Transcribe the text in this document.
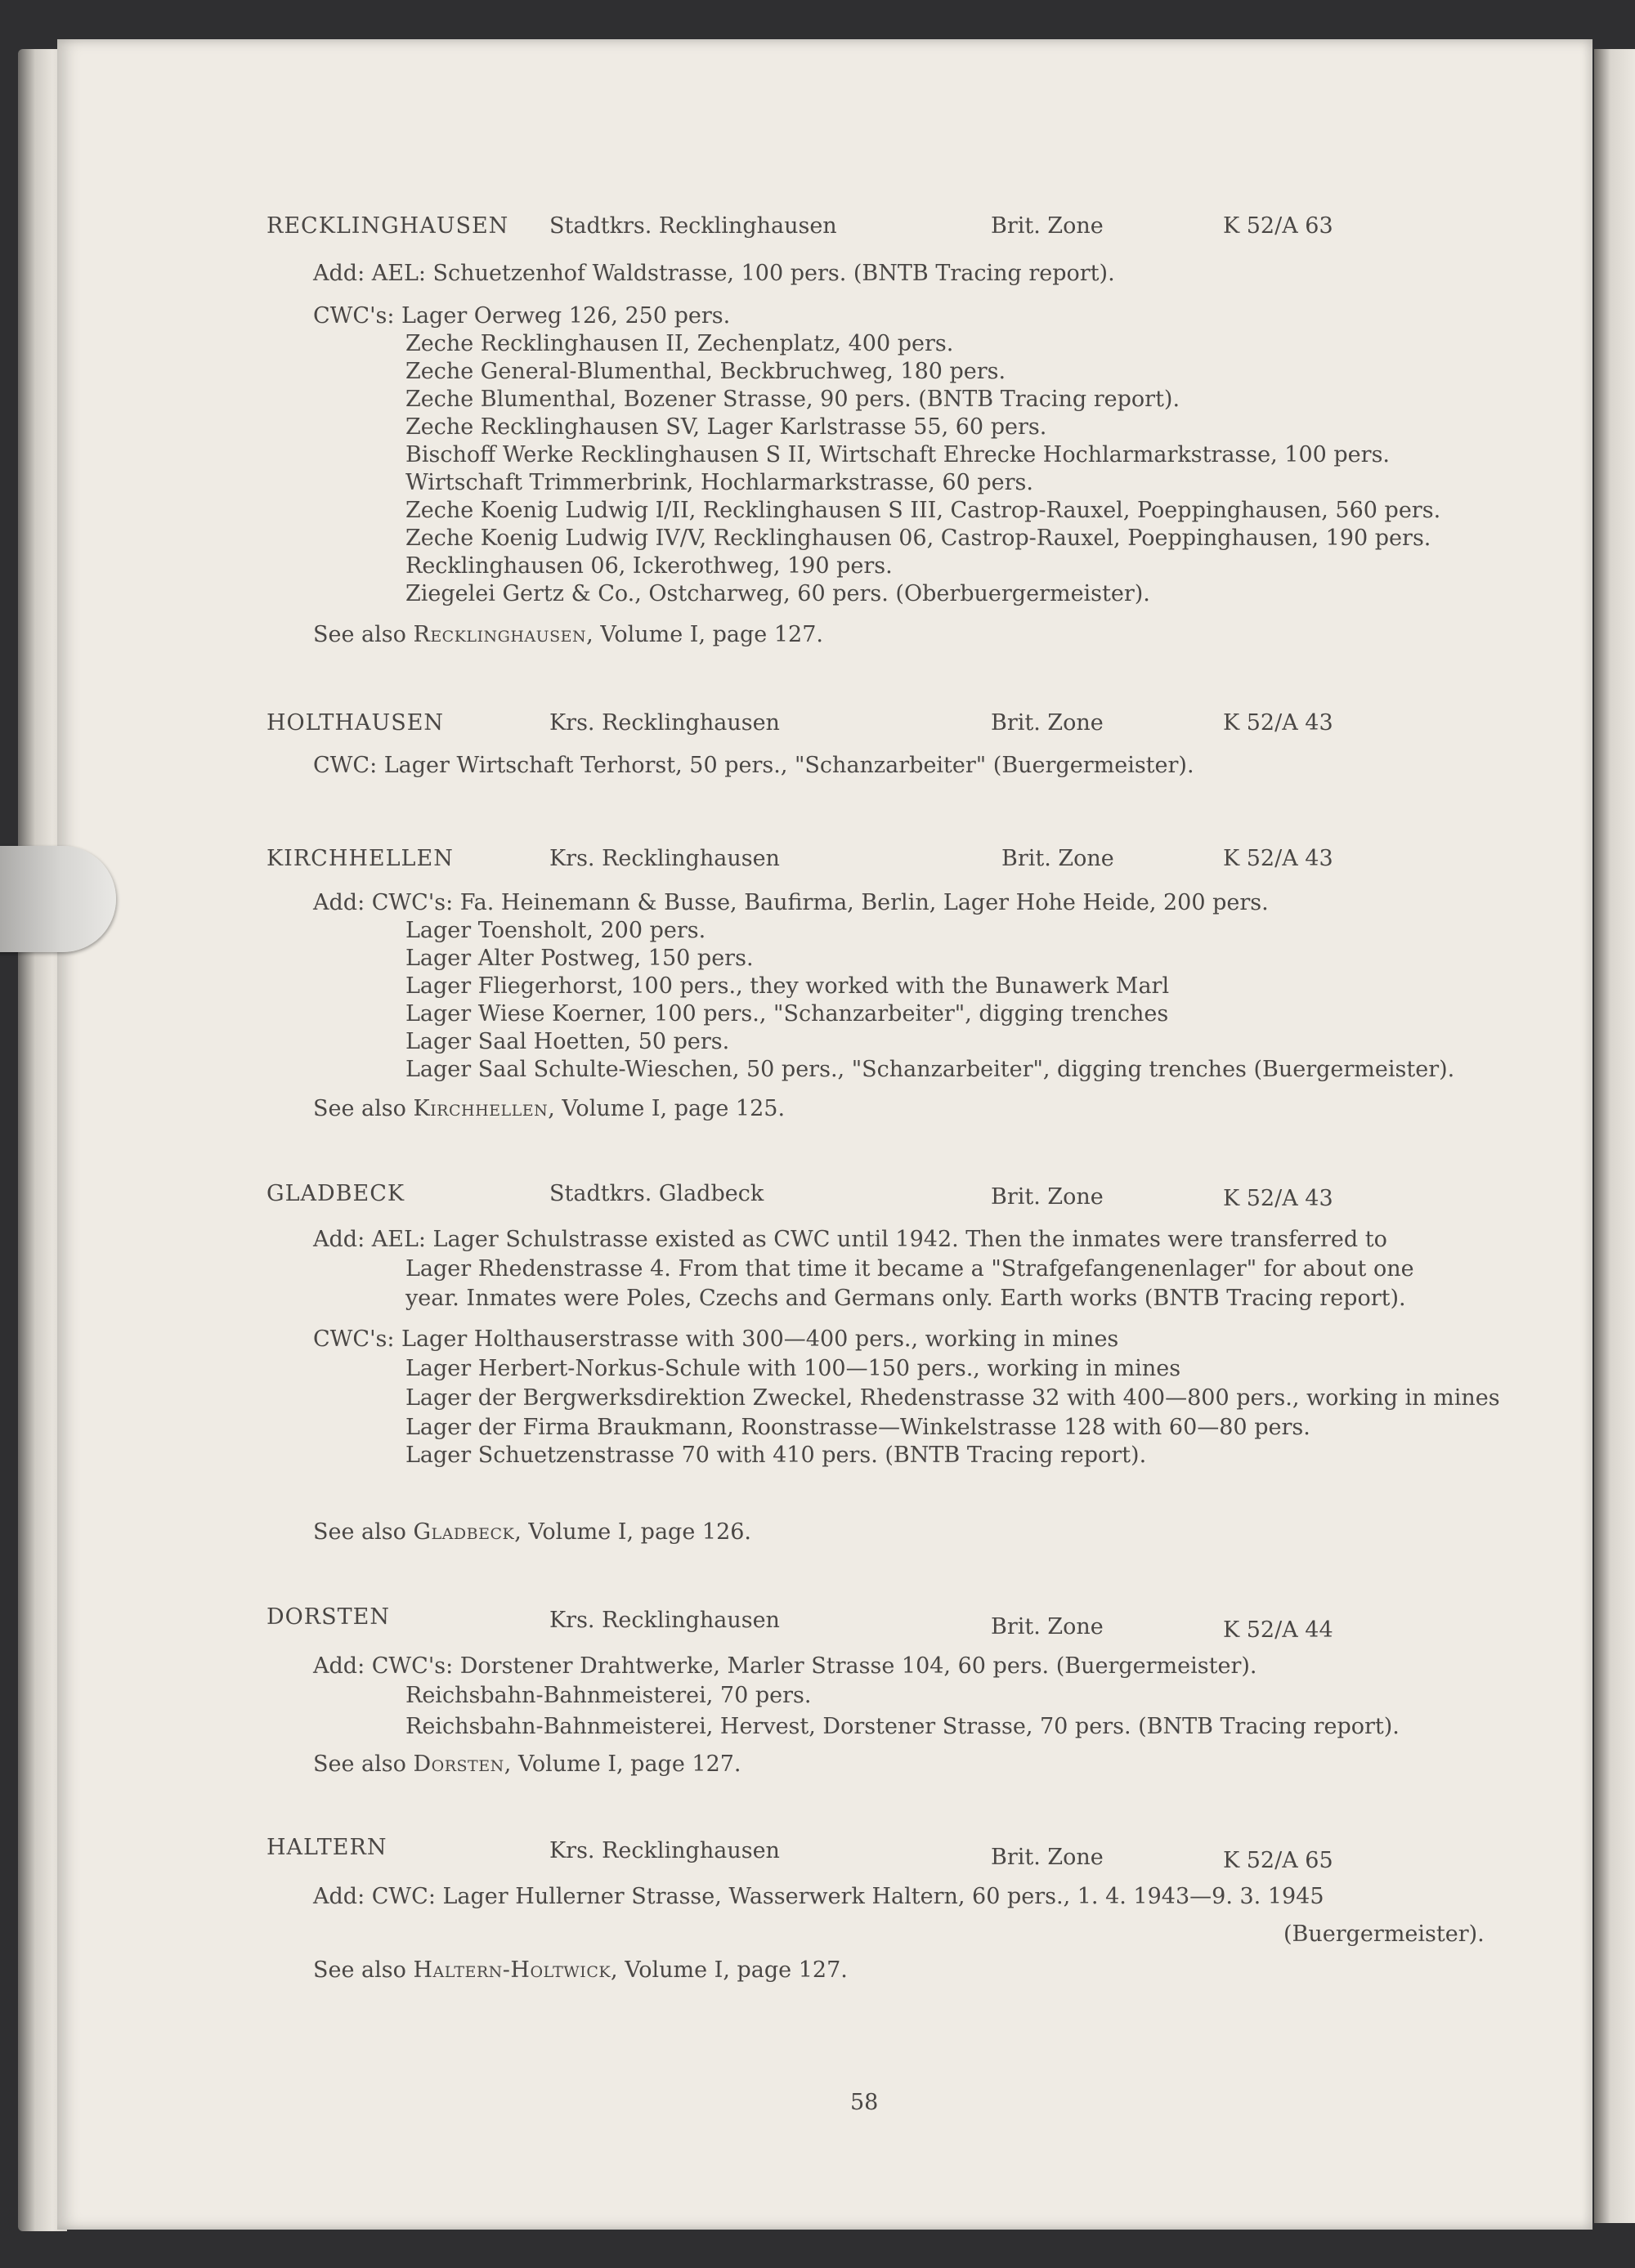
RECKLINGHAUSEN Stadtkrs. Recklinghausen	Brit. Zone	K 52/A 63
Add: AEL: Schuetzenhof Waldstrasse, 100 pers. (BNTB Tracing report).
CWC's: Lager Oerweg 126, 250 pers.
Zeche Recklinghausen II, Zechenplatz, 400 pers.
Zeche General-Blumenthal, Beckbruchweg, 180 pers.
Zeche Blumenthal, Bozener Strasse, 90 pers. (BNTB Tracing report).
Zeche Recklinghausen SV, Lager Karlstrasse 55, 60 pers.
Bischoff Werke Recklinghausen S II, Wirtschaft Ehrecke Hochlarmarkstrasse, 100 pers.
Wirtschaft Trimmerbrink, Hochlarmarkstrasse, 60 pers.
Zeche Koenig Ludwig I/II, Recklinghausen S III, Castrop-Rauxel, Poeppinghausen, 560 pers.
Zeche Koenig Ludwig IV/V, Recklinghausen 06, Castrop-Rauxel, Poeppinghausen, 190 pers.
Recklinghausen 06, Ickerothweg, 190 pers.
Ziegelei Gertz & Co., Ostcharweg, 60 pers. (Oberbuergermeister).
See also Recklinghausen, Volume I, page 127.
HOLTHAUSEN	Krs. Recklinghausen	Brit. Zone	K 52/A 43
CWC: Lager Wirtschaft Terhorst, 50 pers., "Schanzarbeiter" (Buergermeister).
KIRCHHELLEN	Krs. Recklinghausen	Brit. Zone	K 52/A 43
Add: CWC's: Fa. Heinemann & Busse, Baufirma, Berlin, Lager Hohe Heide, 200 pers.
Lager Toensholt, 200 pers.
Lager Alter Postweg, 150 pers.
Lager Fliegerhorst, 100 pers., they worked with the Bunawerk Marl
Lager Wiese Koerner, 100 pers., "Schanzarbeiter", digging trenches
Lager Saal Hoetten, 50 pers.
Lager Saal Schulte-Wieschen, 50 pers., "Schanzarbeiter", digging trenches (Buergermeister).
See also Kirchhellen, Volume I, page 125.
GLADBECK	Stadtkrs. Gladbeck	Brit. Zone	K 52/A 43
Add: AEL: Lager Schulstrasse existed as CWC until 1942. Then the inmates were transferred to
Lager Rhedenstrasse 4. From that time it became a "Strafgefangenenlager" for about one
year. Inmates were Poles, Czechs and Germans only. Earth works (BNTB Tracing report).
CWC's: Lager Holthauserstrasse with 300—400 pers., working in mines
Lager Herbert-Norkus-Schule with 100—150 pers., working in mines
Lager der Bergwerksdirektion Zweckel, Rhedenstrasse 32 with 400—800 pers., working in mines
Lager der Firma Braukmann, Roonstrasse—Winkelstrasse 128 with 60—80 pers.
Lager Schuetzenstrasse 70 with 410 pers. (BNTB Tracing report).
See also Gladbeck, Volume I, page 126.
DORSTEN	Krs. Recklinghausen	Brit. Zone	K 52/A 44
Add: CWC's: Dorstener Drahtwerke, Marler Strasse 104, 60 pers. (Buergermeister).
Reichsbahn-Bahnmeisterei, 70 pers.
Reichsbahn-Bahnmeisterei, Hervest, Dorstener Strasse, 70 pers. (BNTB Tracing report).
See also Dorsten, Volume I, page 127.
HALTERN	Krs. Recklinghausen	Brit. Zone	K 52/A 65
Add: CWC: Lager Hullerner Strasse, Wasserwerk Haltern, 60 pers., 1. 4. 1943—9. 3. 1945
(Buergermeister).
See also Haltern-Holtwick, Volume I, page 127.
58
